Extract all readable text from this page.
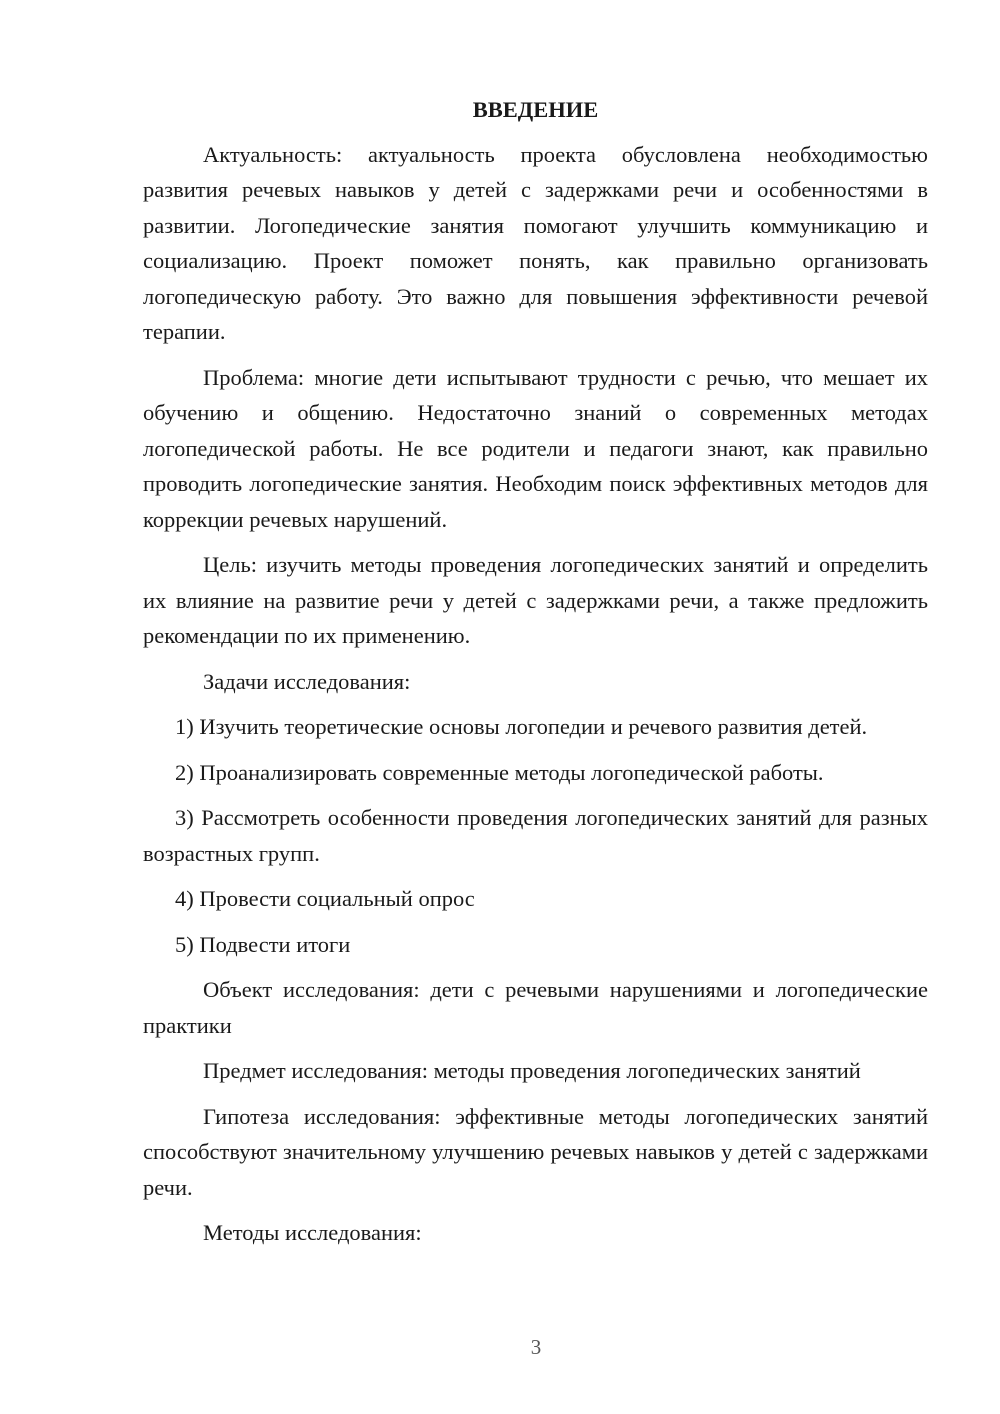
ВВЕДЕНИЕ

Актуальность: актуальность проекта обусловлена необходимостью развития речевых навыков у детей с задержками речи и особенностями в развитии. Логопедические занятия помогают улучшить коммуникацию и социализацию. Проект поможет понять, как правильно организовать логопедическую работу. Это важно для повышения эффективности речевой терапии.

Проблема: многие дети испытывают трудности с речью, что мешает их обучению и общению. Недостаточно знаний о современных методах логопедической работы. Не все родители и педагоги знают, как правильно проводить логопедические занятия. Необходим поиск эффективных методов для коррекции речевых нарушений.

Цель: изучить методы проведения логопедических занятий и определить их влияние на развитие речи у детей с задержками речи, а также предложить рекомендации по их применению.

Задачи исследования:

1) Изучить теоретические основы логопедии и речевого развития детей.

2) Проанализировать современные методы логопедической работы.

3) Рассмотреть особенности проведения логопедических занятий для разных возрастных групп.

4) Провести социальный опрос

5) Подвести итоги

Объект исследования: дети с речевыми нарушениями и логопедические практики

Предмет исследования: методы проведения логопедических занятий

Гипотеза исследования: эффективные методы логопедических занятий способствуют значительному улучшению речевых навыков у детей с задержками речи.

Методы исследования:

3
